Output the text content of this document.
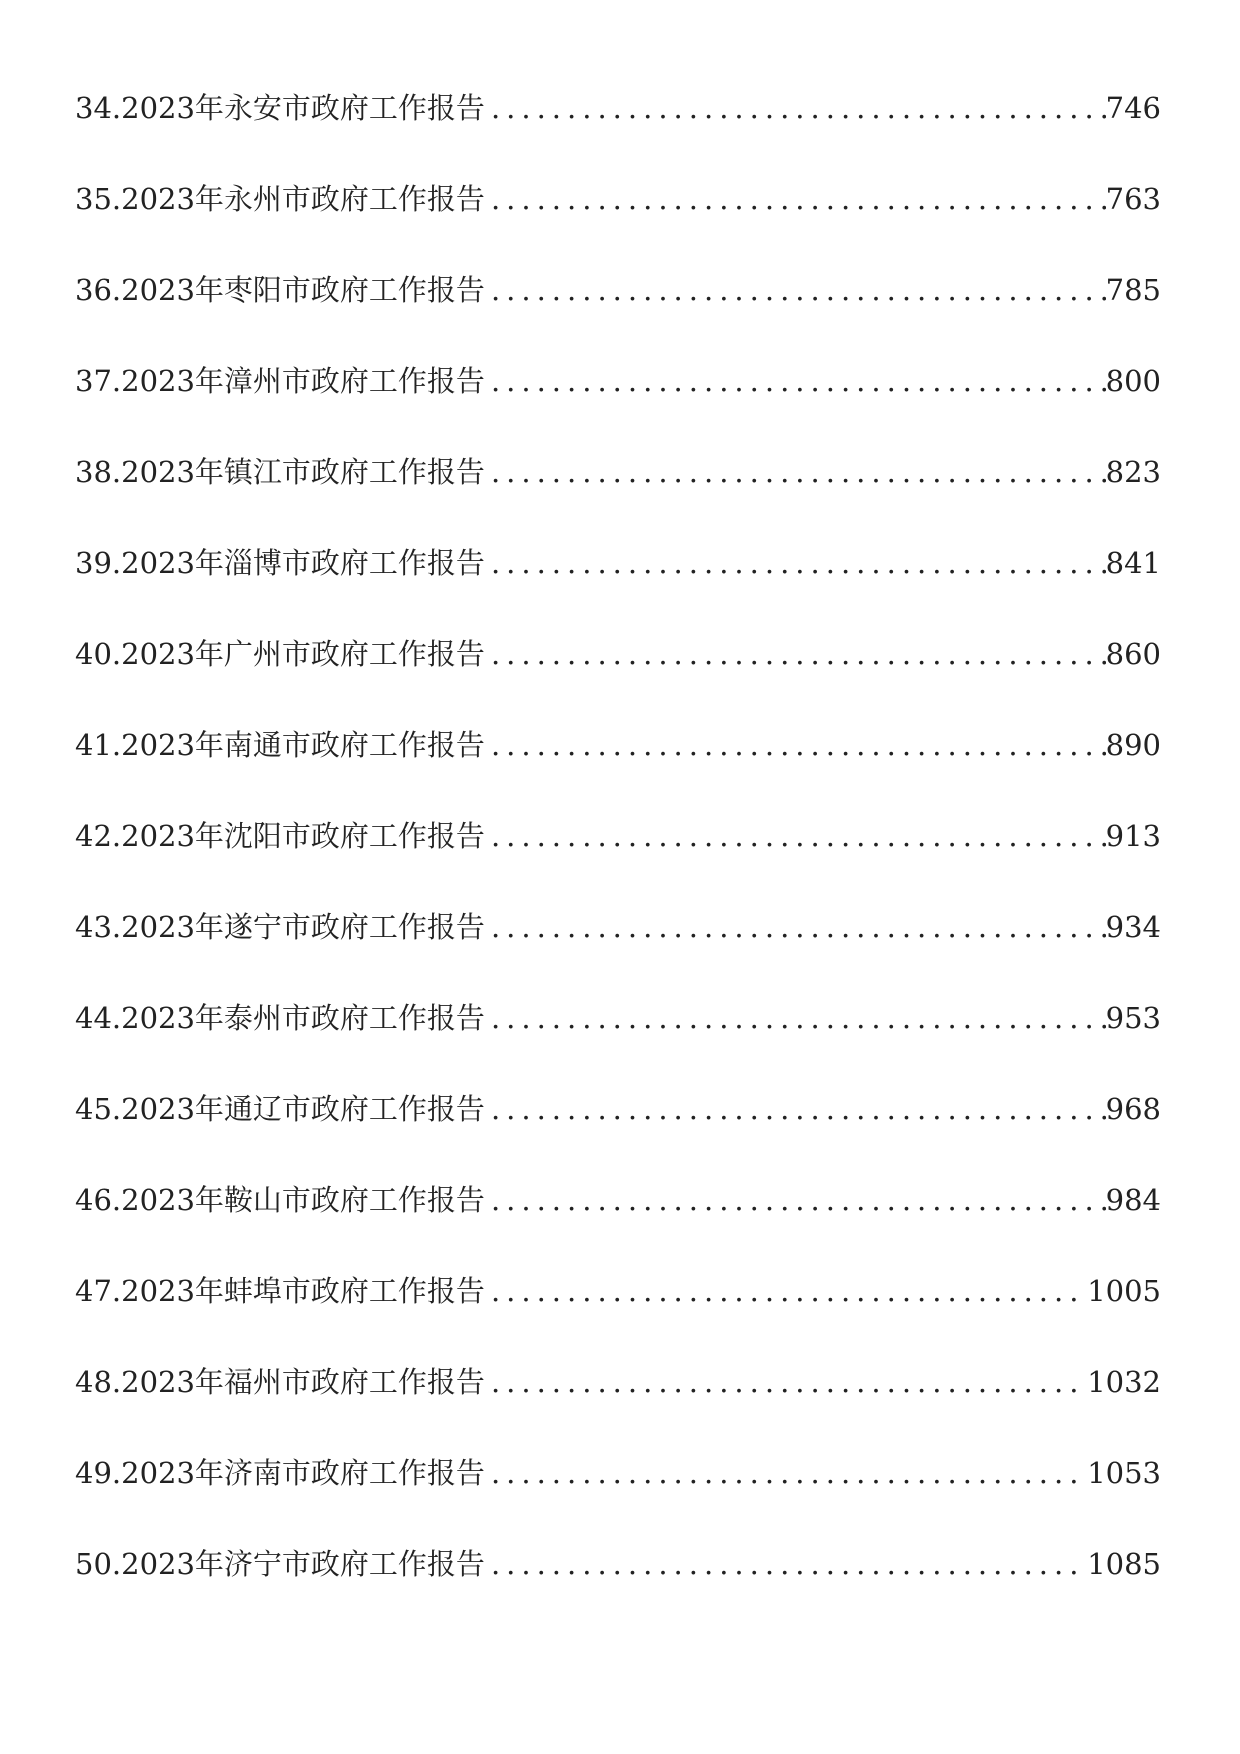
34.2023年永安市政府工作报告 .....	746
35.2023年永州市政府工作报告 .....	763
36.2023年枣阳市政府工作报告 .....	785
37.2023年漳州市政府工作报告 .....	800
38.2023年镇江市政府工作报告 .....	823
39.2023年淄博市政府工作报告 .....	841
40.2023年广州市政府工作报告 .....	860
41.2023年南通市政府工作报告 .....	890
42.2023年沈阳市政府工作报告 .....	913
43.2023年遂宁市政府工作报告 .....	934
44.2023年泰州市政府工作报告 .....	953
45.2023年通辽市政府工作报告 .....	968
46.2023年鞍山市政府工作报告 .....	984
47.2023年蚌埠市政府工作报告 .....	1005
48.2023年福州市政府工作报告 .....	1032
49.2023年济南市政府工作报告 .....	1053
50.2023年济宁市政府工作报告 .....	1085
